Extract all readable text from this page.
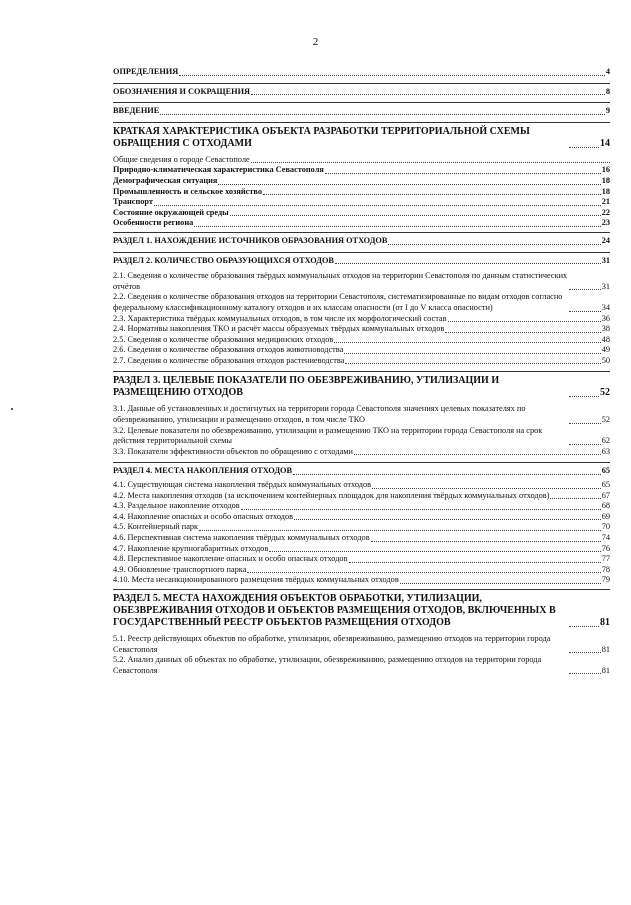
2
ОПРЕДЕЛЕНИЯ	4
ОБОЗНАЧЕНИЯ И СОКРАЩЕНИЯ	8
ВВЕДЕНИЕ	9
КРАТКАЯ ХАРАКТЕРИСТИКА ОБЪЕКТА РАЗРАБОТКИ ТЕРРИТОРИАЛЬНОЙ СХЕМЫ ОБРАЩЕНИЯ С ОТХОДАМИ	14
Общие сведения о городе Севастополе
Природно-климатическая характеристика Севастополя	16
Демографическая ситуация	18
Промышленность и сельское хозяйство	18
Транспорт	21
Состояние окружающей среды	22
Особенности региона	23
РАЗДЕЛ 1. НАХОЖДЕНИЕ ИСТОЧНИКОВ ОБРАЗОВАНИЯ ОТХОДОВ	24
РАЗДЕЛ 2. КОЛИЧЕСТВО ОБРАЗУЮЩИХСЯ ОТХОДОВ	31
2.1. Сведения о количестве образования твёрдых коммунальных отходов на территории Севастополя по данным статистических отчётов	31
2.2. Сведения о количестве образования отходов на территории Севастополя, систематизированные по видам отходов согласно федеральному классификационному каталогу отходов и их классам опасности (от I до V класса опасности)	34
2.3. Характеристика твёрдых коммунальных отходов, в том числе их морфологический состав	36
2.4. Нормативы накопления ТКО и расчёт массы образуемых твёрдых коммунальных отходов	38
2.5. Сведения о количестве образования медицинских отходов	48
2.6. Сведения о количестве образования отходов животноводства	49
2.7. Сведения о количестве образования отходов растениеводства	50
РАЗДЕЛ 3. ЦЕЛЕВЫЕ ПОКАЗАТЕЛИ ПО ОБЕЗВРЕЖИВАНИЮ, УТИЛИЗАЦИИ И РАЗМЕЩЕНИЮ ОТХОДОВ	52
3.1. Данные об установленных и достигнутых на территории города Севастополя значениях целевых показателях по обезвреживанию, утилизации и размещению отходов, в том числе ТКО	52
3.2. Целевые показатели по обезвреживанию, утилизации и размещению ТКО на территории города Севастополя на срок действия территориальной схемы	62
3.3. Показатели эффективности объектов по обращению с отходами	63
РАЗДЕЛ 4. МЕСТА НАКОПЛЕНИЯ ОТХОДОВ	65
4.1. Существующая система накопления твёрдых коммунальных отходов	65
4.2. Места накопления отходов (за исключением контейнерных площадок для накопления твёрдых коммунальных отходов)	67
4.3. Раздельное накопление отходов	68
4.4. Накопление опасных и особо опасных отходов	69
4.5. Контейнерный парк	70
4.6. Перспективная система накопления твёрдых коммунальных отходов	74
4.7. Накопление крупногабаритных отходов	76
4.8. Перспективное накопление опасных и особо опасных отходов	77
4.9. Обновление транспортного парка	78
4.10. Места несанкционированного размещения твёрдых коммунальных отходов	79
РАЗДЕЛ 5. МЕСТА НАХОЖДЕНИЯ ОБЪЕКТОВ ОБРАБОТКИ, УТИЛИЗАЦИИ, ОБЕЗВРЕЖИВАНИЯ ОТХОДОВ И ОБЪЕКТОВ РАЗМЕЩЕНИЯ ОТХОДОВ, ВКЛЮЧЕННЫХ В ГОСУДАРСТВЕННЫЙ РЕЕСТР ОБЪЕКТОВ РАЗМЕЩЕНИЯ ОТХОДОВ	81
5.1. Реестр действующих объектов по обработке, утилизации, обезвреживанию, размещению отходов на территории города Севастополя	81
5.2. Анализ данных об объектах по обработке, утилизации, обезвреживанию, размещению отходов на территории города Севастополя	81
